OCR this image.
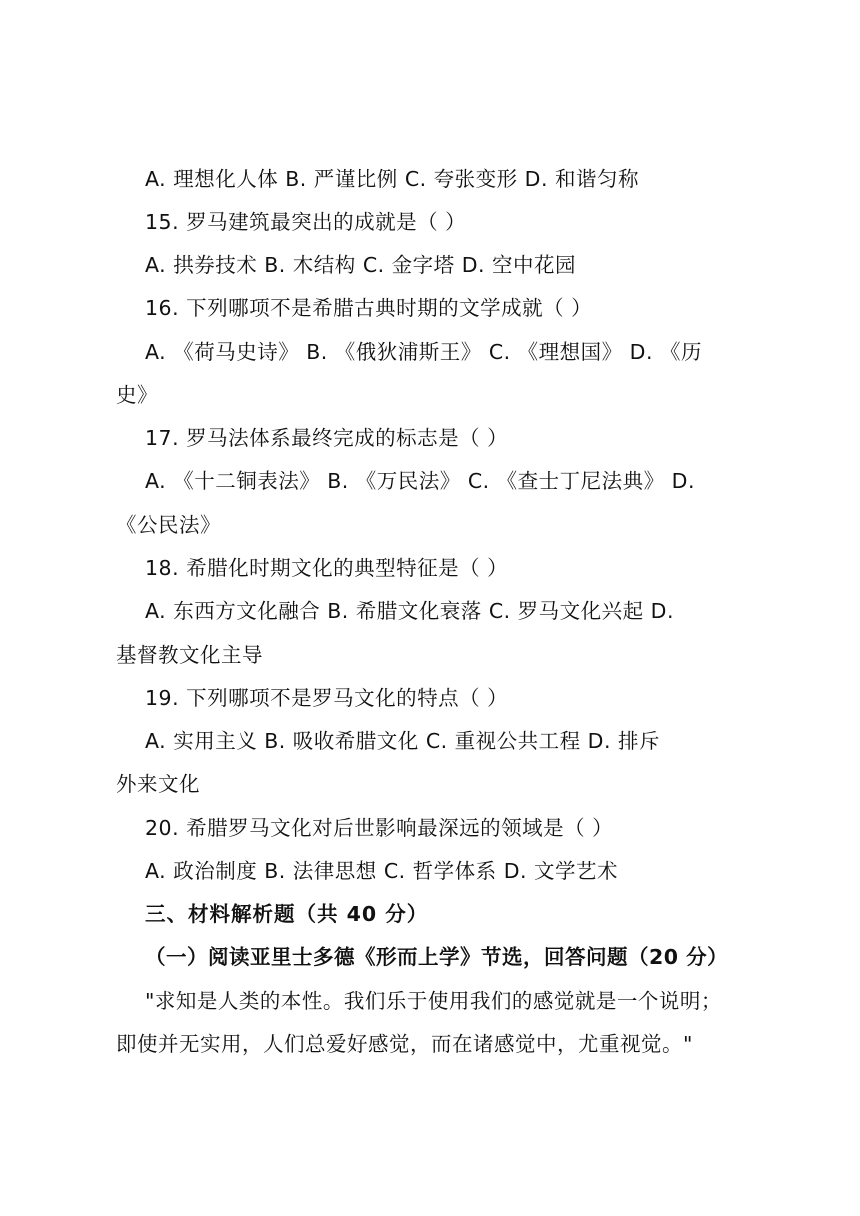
A. 理想化人体 B. 严谨比例 C. 夸张变形 D. 和谐匀称
15. 罗马建筑最突出的成就是（ ）
A. 拱券技术 B. 木结构 C. 金字塔 D. 空中花园
16. 下列哪项不是希腊古典时期的文学成就（ ）
A. 《荷马史诗》 B. 《俄狄浦斯王》 C. 《理想国》 D. 《历
史》
17. 罗马法体系最终完成的标志是（ ）
A. 《十二铜表法》 B. 《万民法》 C. 《查士丁尼法典》 D.
《公民法》
18. 希腊化时期文化的典型特征是（ ）
A. 东西方文化融合 B. 希腊文化衰落 C. 罗马文化兴起 D.
基督教文化主导
19. 下列哪项不是罗马文化的特点（ ）
A. 实用主义 B. 吸收希腊文化 C. 重视公共工程 D. 排斥
外来文化
20. 希腊罗马文化对后世影响最深远的领域是（ ）
A. 政治制度 B. 法律思想 C. 哲学体系 D. 文学艺术
三、材料解析题（共 40 分）
（一）阅读亚里士多德《形而上学》节选，回答问题（20 分）
"求知是人类的本性。我们乐于使用我们的感觉就是一个说明；
即使并无实用，人们总爱好感觉，而在诸感觉中，尤重视觉。"
